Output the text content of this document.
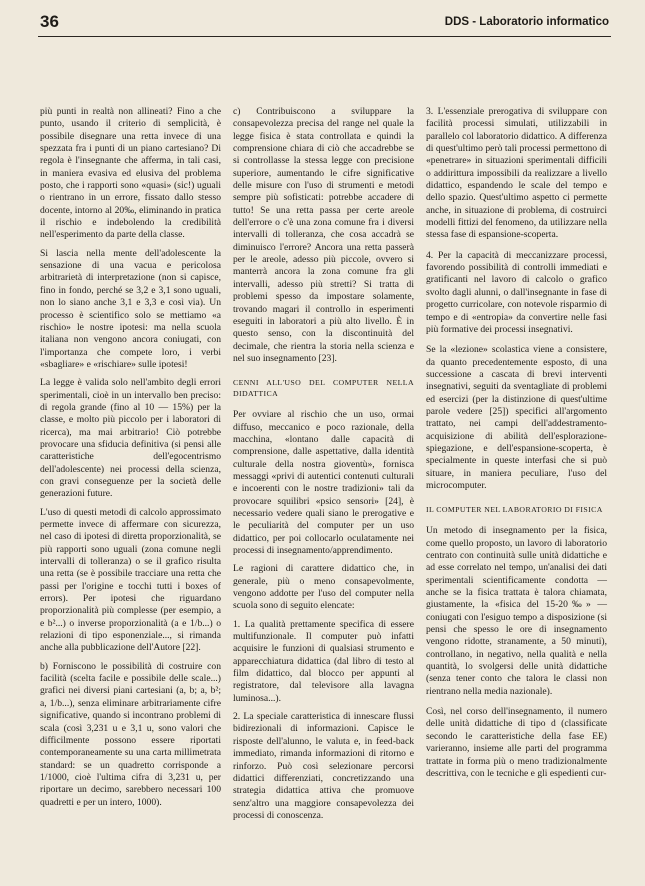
36	DDS - Laboratorio informatico

più punti in realtà non allineati? Fino a che punto, usando il criterio di semplicità, è possibile disegnare una retta invece di una spezzata fra i punti di un piano cartesiano? Di regola è l'insegnante che afferma, in tali casi, in maniera evasiva ed elusiva del problema posto, che i rapporti sono «quasi» (sic!) uguali o rientrano in un errore, fissato dallo stesso docente, intorno al 20‰, eliminando in pratica il rischio e indebolendo la credibilità nell'esperimento da parte della classe.

Si lascia nella mente dell'adolescente la sensazione di una vacua e pericolosa arbitrarietà di interpretazione (non si capisce, fino in fondo, perché se 3,2 e 3,1 sono uguali, non lo siano anche 3,1 e 3,3 e così via). Un processo è scientifico solo se mettiamo «a rischio» le nostre ipotesi: ma nella scuola italiana non vengono ancora coniugati, con l'importanza che compete loro, i verbi «sbagliare» e «rischiare» sulle ipotesi!

La legge è valida solo nell'ambito degli errori sperimentali, cioè in un intervallo ben preciso: di regola grande (fino al 10 — 15%) per la classe, e molto più piccolo per i laboratori di ricerca), ma mai arbitrario! Ciò potrebbe provocare una sfiducia definitiva (si pensi alle caratteristiche dell'egocentrismo dell'adolescente) nei processi della scienza, con gravi conseguenze per la società delle generazioni future.

L'uso di questi metodi di calcolo approssimato permette invece di affermare con sicurezza, nel caso di ipotesi di diretta proporzionalità, se più rapporti sono uguali (zona comune negli intervalli di tolleranza) o se il grafico risulta una retta (se è possibile tracciare una retta che passi per l'origine e tocchi tutti i boxes of errors). Per ipotesi che riguardano proporzionalità più complesse (per esempio, a e b²...) o inverse proporzionalità (a e 1/b...) o relazioni di tipo esponenziale..., si rimanda anche alla pubblicazione dell'Autore [22].

b) Forniscono le possibilità di costruire con facilità (scelta facile e possibile delle scale...) grafici nei diversi piani cartesiani (a, b; a, b²; a, 1/b...), senza eliminare arbitrariamente cifre significative, quando si incontrano problemi di scala (così 3,231 u e 3,1 u, sono valori che difficilmente possono essere riportati contemporaneamente su una carta millimetrata standard: se un quadretto corrisponde a 1/1000, cioè l'ultima cifra di 3,231 u, per riportare un decimo, sarebbero necessari 100 quadretti e per un intero, 1000).

c) Contribuiscono a sviluppare la consapevolezza precisa del range nel quale la legge fisica è stata controllata e quindi la comprensione chiara di ciò che accadrebbe se si controllasse la stessa legge con precisione superiore, aumentando le cifre significative delle misure con l'uso di strumenti e metodi sempre più sofisticati: potrebbe accadere di tutto! Se una retta passa per certe areole dell'errore o c'è una zona comune fra i diversi intervalli di tolleranza, che cosa accadrà se diminuisco l'errore? Ancora una retta passerà per le areole, adesso più piccole, ovvero si manterrà ancora la zona comune fra gli intervalli, adesso più stretti? Si tratta di problemi spesso da impostare solamente, trovando magari il controllo in esperimenti eseguiti in laboratori a più alto livello. È in questo senso, con la discontinuità del decimale, che rientra la storia nella scienza e nel suo insegnamento [23].

CENNI ALL'USO DEL COMPUTER NELLA DIDATTICA

Per ovviare al rischio che un uso, ormai diffuso, meccanico e poco razionale, della macchina, «lontano dalle capacità di comprensione, dalle aspettative, dalla identità culturale della nostra gioventù», fornisca messaggi «privi di autentici contenuti culturali e incoerenti con le nostre tradizioni» tali da provocare squilibri «psico sensori» [24], è necessario vedere quali siano le prerogative e le peculiarità del computer per un uso didattico, per poi collocarlo oculatamente nei processi di insegnamento/apprendimento.

Le ragioni di carattere didattico che, in generale, più o meno consapevolmente, vengono addotte per l'uso del computer nella scuola sono di seguito elencate:

1. La qualità prettamente specifica di essere multifunzionale. Il computer può infatti acquisire le funzioni di qualsiasi strumento e apparecchiatura didattica (dal libro di testo al film didattico, dal blocco per appunti al registratore, dal televisore alla lavagna luminosa...).

2. La speciale caratteristica di innescare flussi bidirezionali di informazioni. Capisce le risposte dell'alunno, le valuta e, in feed-back immediato, rimanda informazioni di ritorno e rinforzo. Può così selezionare percorsi didattici differenziati, concretizzando una strategia didattica attiva che promuove senz'altro una maggiore consapevolezza dei processi di conoscenza.

3. L'essenziale prerogativa di sviluppare con facilità processi simulati, utilizzabili in parallelo col laboratorio didattico. A differenza di quest'ultimo però tali processi permettono di «penetrare» in situazioni sperimentali difficili o addirittura impossibili da realizzare a livello didattico, espandendo le scale del tempo e dello spazio. Quest'ultimo aspetto ci permette anche, in situazione di problema, di costruirci modelli fittizi del fenomeno, da utilizzare nella stessa fase di espansione-scoperta.

4. Per la capacità di meccanizzare processi, favorendo possibilità di controlli immediati e gratificanti nel lavoro di calcolo o grafico svolto dagli alunni, o dall'insegnante in fase di progetto curricolare, con notevole risparmio di tempo e di «entropia» da convertire nelle fasi più formative dei processi insegnativi.

Se la «lezione» scolastica viene a consistere, da quanto precedentemente esposto, di una successione a cascata di brevi interventi insegnativi, seguiti da sventagliate di problemi ed esercizi (per la distinzione di quest'ultime parole vedere [25]) specifici all'argomento trattato, nei campi dell'addestramento-acquisizione di abilità dell'esplorazione-spiegazione, e dell'espansione-scoperta, è specialmente in queste interfasi che si può situare, in maniera peculiare, l'uso del microcomputer.

IL COMPUTER NEL LABORATORIO DI FISICA

Un metodo di insegnamento per la fisica, come quello proposto, un lavoro di laboratorio centrato con continuità sulle unità didattiche e ad esse correlato nel tempo, un'analisi dei dati sperimentali scientificamente condotta — anche se la fisica trattata è talora chiamata, giustamente, la «fisica del 15-20‰» — coniugati con l'esiguo tempo a disposizione (si pensi che spesso le ore di insegnamento vengono ridotte, stranamente, a 50 minuti), controllano, in negativo, nella qualità e nella quantità, lo svolgersi delle unità didattiche (senza tener conto che talora le classi non rientrano nella media nazionale).

Così, nel corso dell'insegnamento, il numero delle unità didattiche di tipo d (classificate secondo le caratteristiche della fase EE) varieranno, insieme alle parti del programma trattate in forma più o meno tradizionalmente descrittiva, con le tecniche e gli espedienti cur-
